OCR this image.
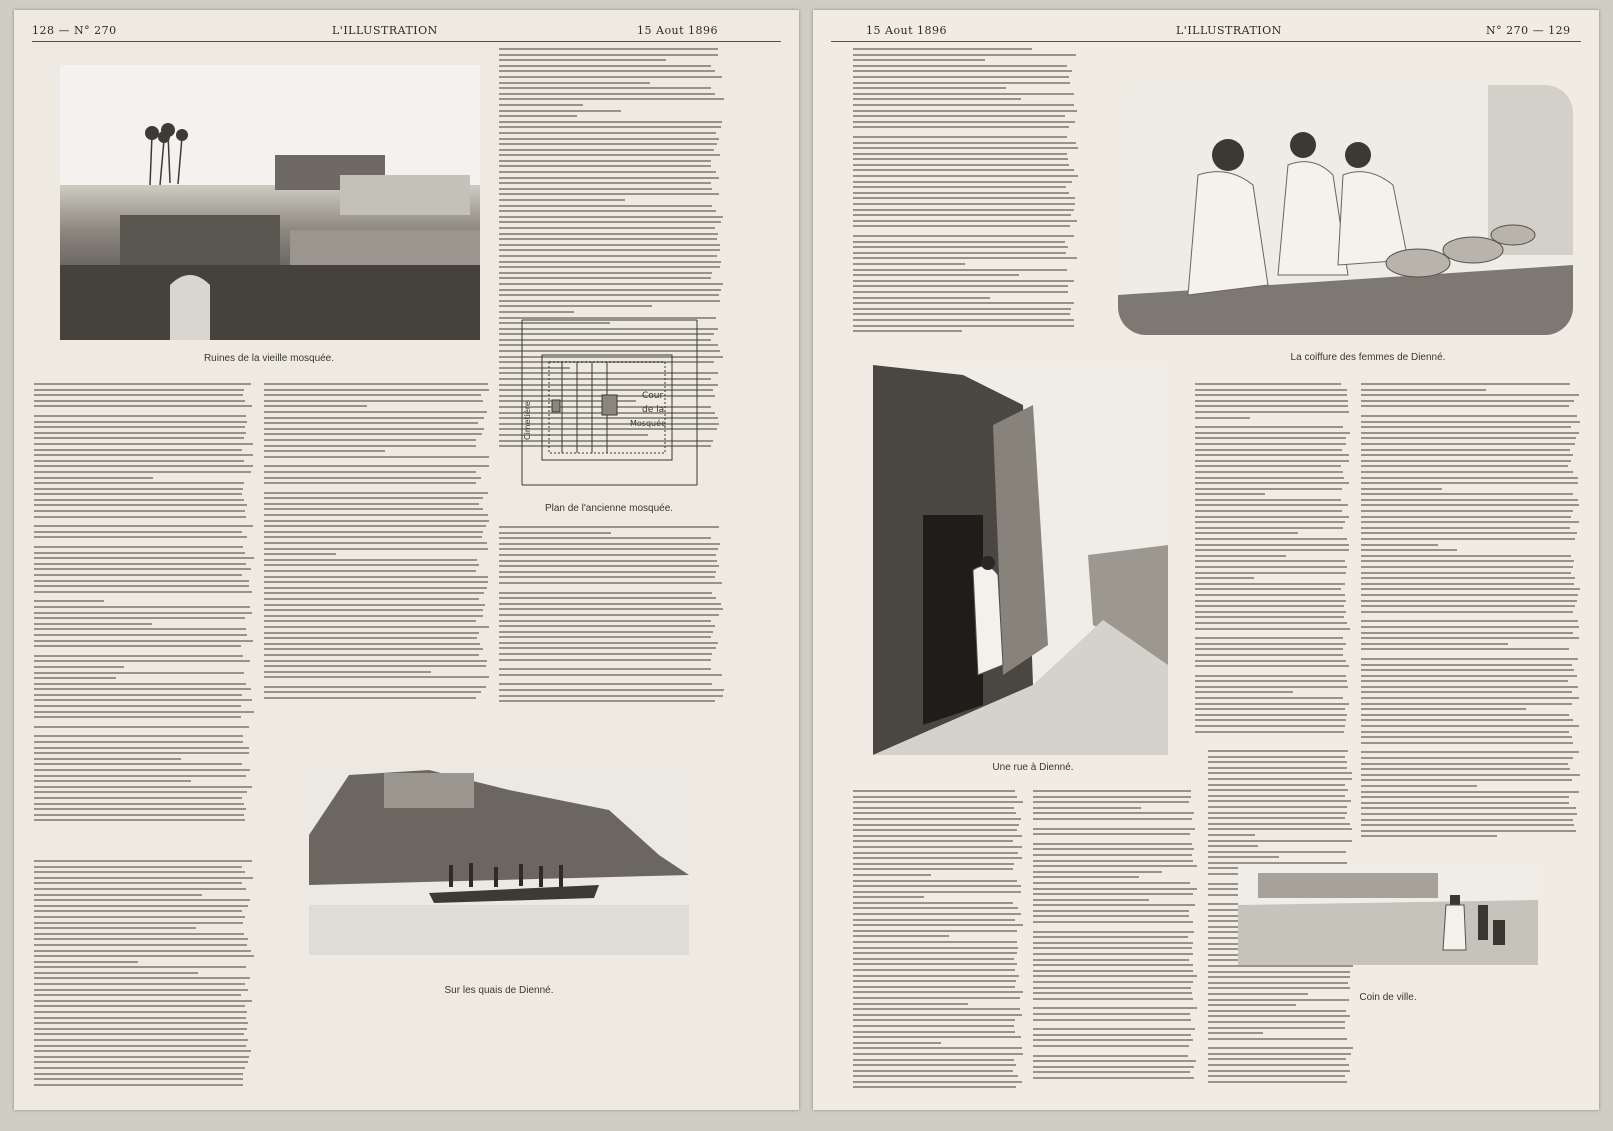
128 — N° 270	L'ILLUSTRATION	15 Aout 1896
Ruines de la vieille mosquée.
Cour
de la
Mosquée
Cimetière
Plan de l'ancienne mosquée.
Sur les quais de Dienné.
15 Aout 1896	L'ILLUSTRATION	N° 270 — 129
La coiffure des femmes de Dienné.
Une rue à Dienné.
Coin de ville.
